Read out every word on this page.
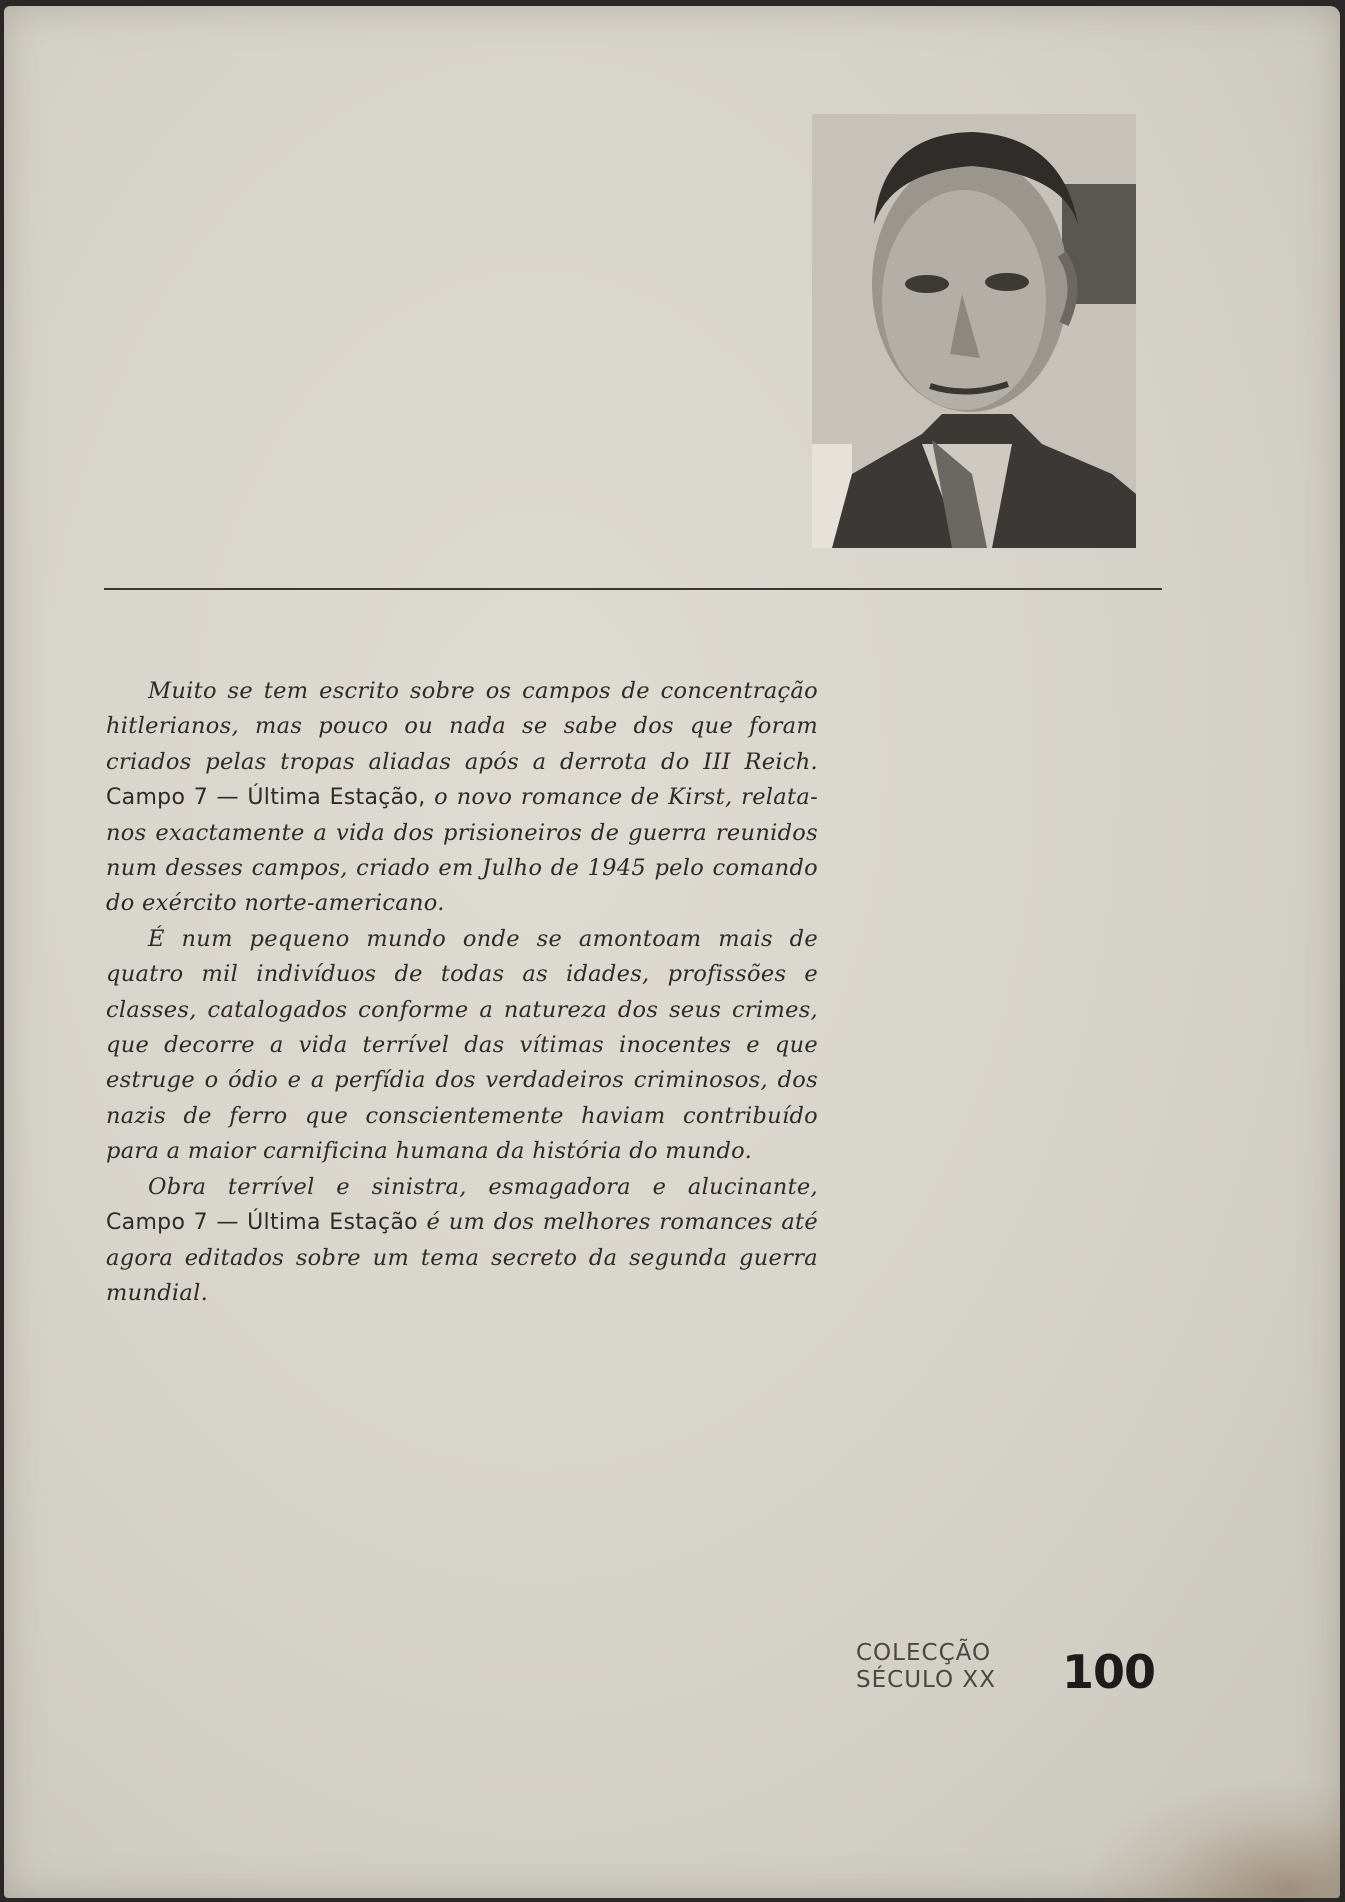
Muito se tem escrito sobre os campos de concentração hitlerianos, mas pouco ou nada se sabe dos que foram criados pelas tropas aliadas após a derrota do III Reich. Campo 7 — Última Estação, o novo romance de Kirst, relata-nos exactamente a vida dos prisioneiros de guerra reunidos num desses campos, criado em Julho de 1945 pelo comando do exército norte-americano.

É num pequeno mundo onde se amontoam mais de quatro mil indivíduos de todas as idades, profissões e classes, catalogados conforme a natureza dos seus crimes, que decorre a vida terrível das vítimas inocentes e que estruge o ódio e a perfídia dos verdadeiros criminosos, dos nazis de ferro que conscientemente haviam contribuído para a maior carnificina humana da história do mundo.

Obra terrível e sinistra, esmagadora e alucinante, Campo 7 — Última Estação é um dos melhores romances até agora editados sobre um tema secreto da segunda guerra mundial.

COLECÇÃO
SÉCULO XX 100
